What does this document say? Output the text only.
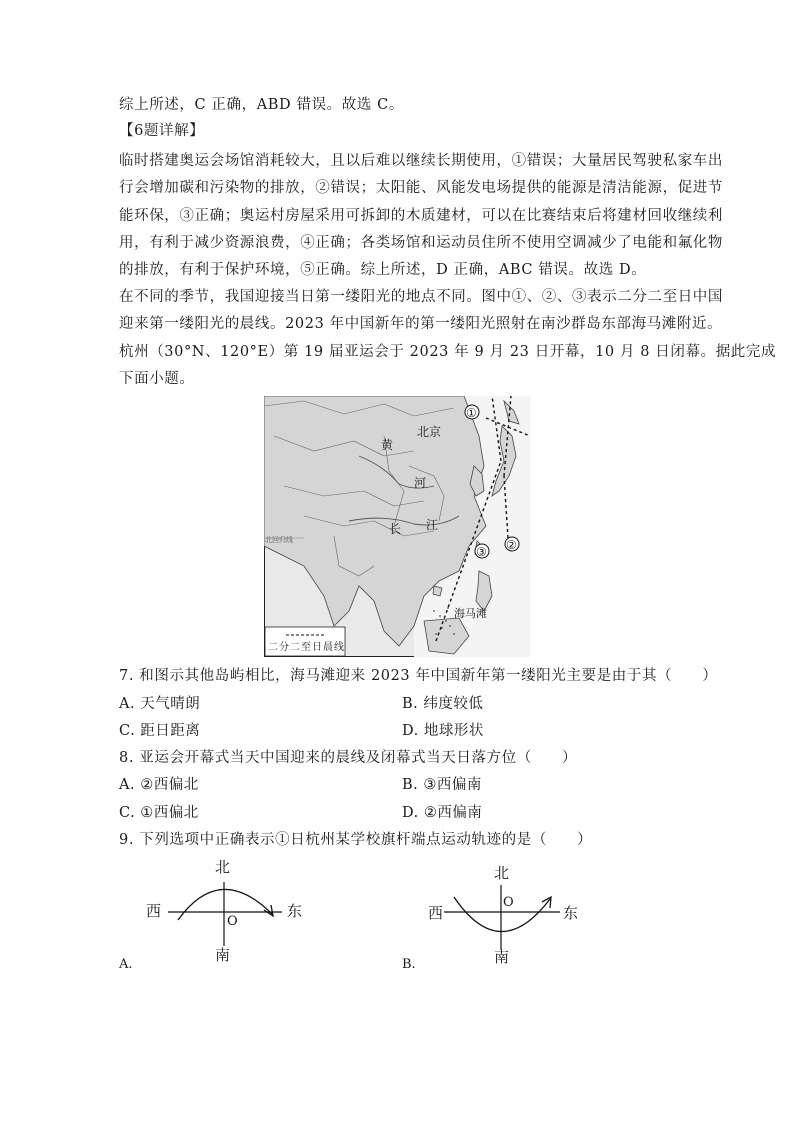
综上所述，C 正确，ABD 错误。故选 C。
【6题详解】
临时搭建奥运会场馆消耗较大，且以后难以继续长期使用，①错误；大量居民驾驶私家车出
行会增加碳和污染物的排放，②错误；太阳能、风能发电场提供的能源是清洁能源，促进节
能环保，③正确；奥运村房屋采用可拆卸的木质建材，可以在比赛结束后将建材回收继续利
用，有利于减少资源浪费，④正确；各类场馆和运动员住所不使用空调减少了电能和氟化物
的排放，有利于保护环境，⑤正确。综上所述，D 正确，ABC 错误。故选 D。
在不同的季节，我国迎接当日第一缕阳光的地点不同。图中①、②、③表示二分二至日中国
迎来第一缕阳光的晨线。2023 年中国新年的第一缕阳光照射在南沙群岛东部海马滩附近。
杭州（30°N、120°E）第 19 届亚运会于 2023 年 9 月 23 日开幕，10 月 8 日闭幕。据此完成
下面小题。
北京
黄
河
长 江
北回归线
海马滩
①
②
③
二分二至日晨线
7. 和图示其他岛屿相比，海马滩迎来 2023 年中国新年第一缕阳光主要是由于其（　　）
A. 天气晴朗	B. 纬度较低
C. 距日距离	D. 地球形状
8. 亚运会开幕式当天中国迎来的晨线及闭幕式当天日落方位（　　）
A. ②西偏北	B. ③西偏南
C. ①西偏北	D. ②西偏南
9. 下列选项中正确表示①日杭州某学校旗杆端点运动轨迹的是（　　）
北
南
西	东
O
A.
北
南
西	东
O
B.
